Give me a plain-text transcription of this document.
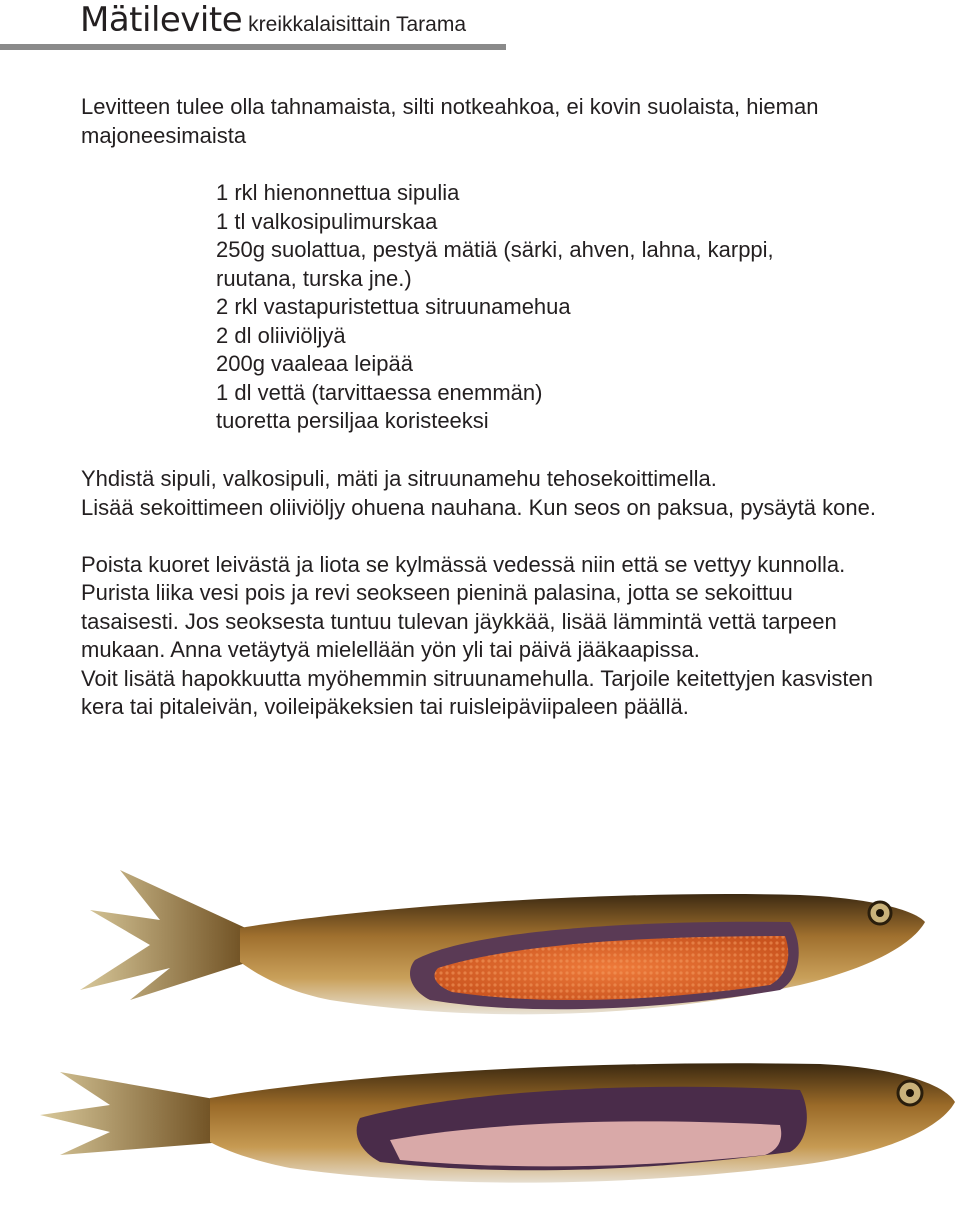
Mätilevite kreikkalaisittain Tarama

Levitteen tulee olla tahnamaista, silti notkeahkoa, ei kovin suolaista, hieman majoneesimaista

1 rkl hienonnettua sipulia
1 tl valkosipulimurskaa
250g suolattua, pestyä mätiä (särki, ahven, lahna, karppi,
ruutana, turska jne.)
2 rkl vastapuristettua sitruunamehua
2 dl oliiviöljyä
200g vaaleaa leipää
1 dl vettä (tarvittaessa enemmän)
tuoretta persiljaa koristeeksi

Yhdistä sipuli, valkosipuli, mäti ja sitruunamehu tehosekoittimella.

Lisää sekoittimeen oliiviöljy ohuena nauhana. Kun seos on paksua, pysäytä kone.

Poista kuoret leivästä ja liota se kylmässä vedessä niin että se vettyy kunnolla. Purista liika vesi pois ja revi seokseen pieninä palasina, jotta se sekoittuu tasaisesti. Jos seoksesta tuntuu tulevan jäykkää, lisää lämmintä vettä tarpeen mukaan. Anna vetäytyä mielellään yön yli tai päivä jääkaapissa.

Voit lisätä hapokkuutta myöhemmin sitruunamehulla. Tarjoile keitettyjen kasvisten kera tai pitaleivän, voileipäkeksien tai ruisleipäviipaleen päällä.
